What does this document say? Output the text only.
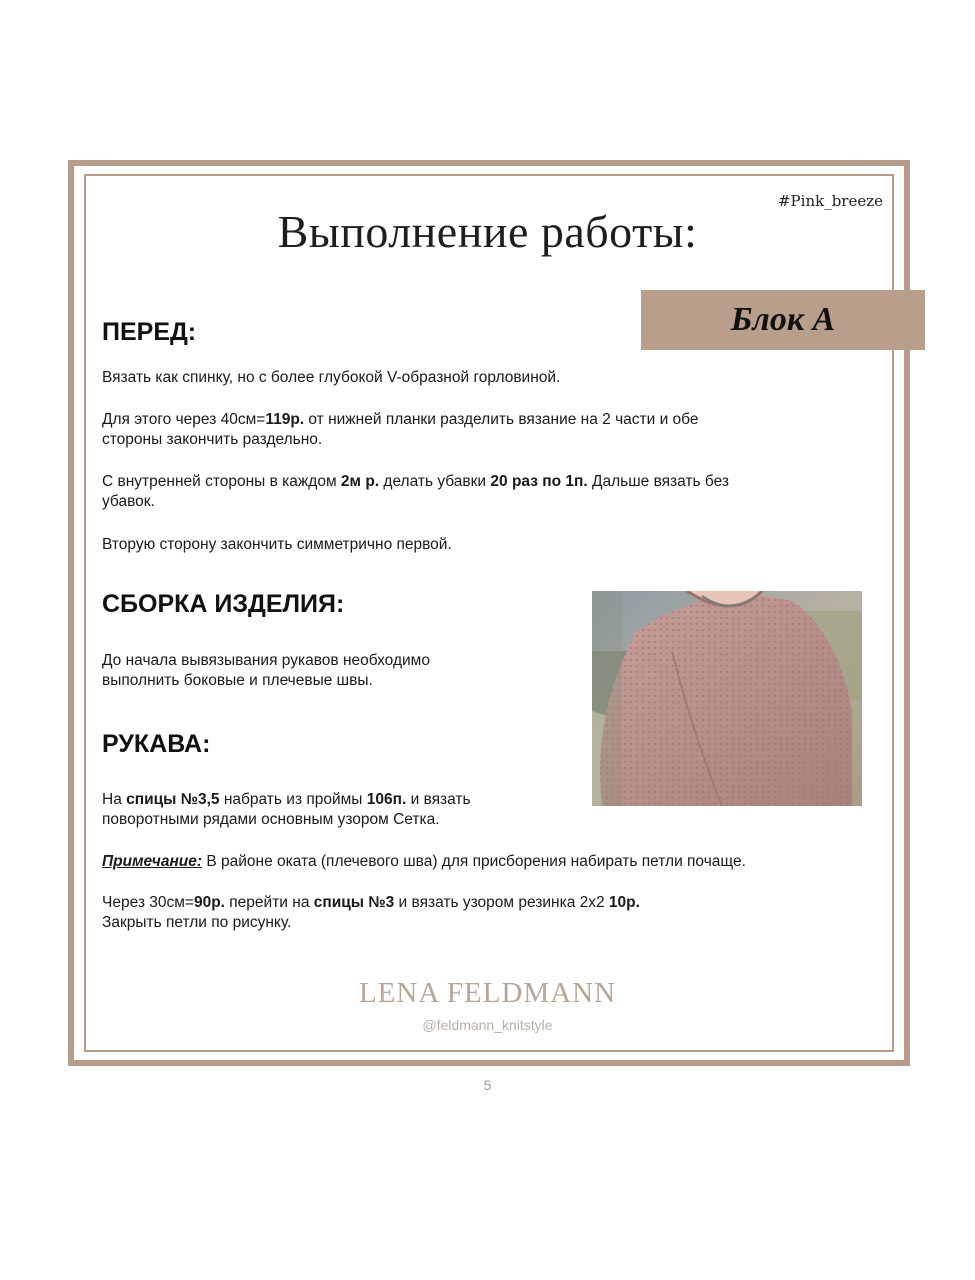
#Pink_breeze
Выполнение работы:
Блок А
ПЕРЕД:
Вязать как спинку, но с более глубокой V-образной горловиной.
Для этого через 40см=119р. от нижней планки разделить вязание на 2 части и обе
стороны закончить раздельно.
С внутренней стороны в каждом 2м р. делать убавки 20 раз по 1п. Дальше вязать без
убавок.
Вторую сторону закончить симметрично первой.
СБОРКА ИЗДЕЛИЯ:
До начала вывязывания рукавов необходимо
выполнить боковые и плечевые швы.
РУКАВА:
На спицы №3,5 набрать из проймы 106п. и вязать
поворотными рядами основным узором Сетка.
Примечание: В районе оката (плечевого шва) для присборения набирать петли почаще.
Через 30см=90р. перейти на спицы №3 и вязать узором резинка 2х2 10р.
Закрыть петли по рисунку.
LENA FELDMANN
@feldmann_knitstyle
5
